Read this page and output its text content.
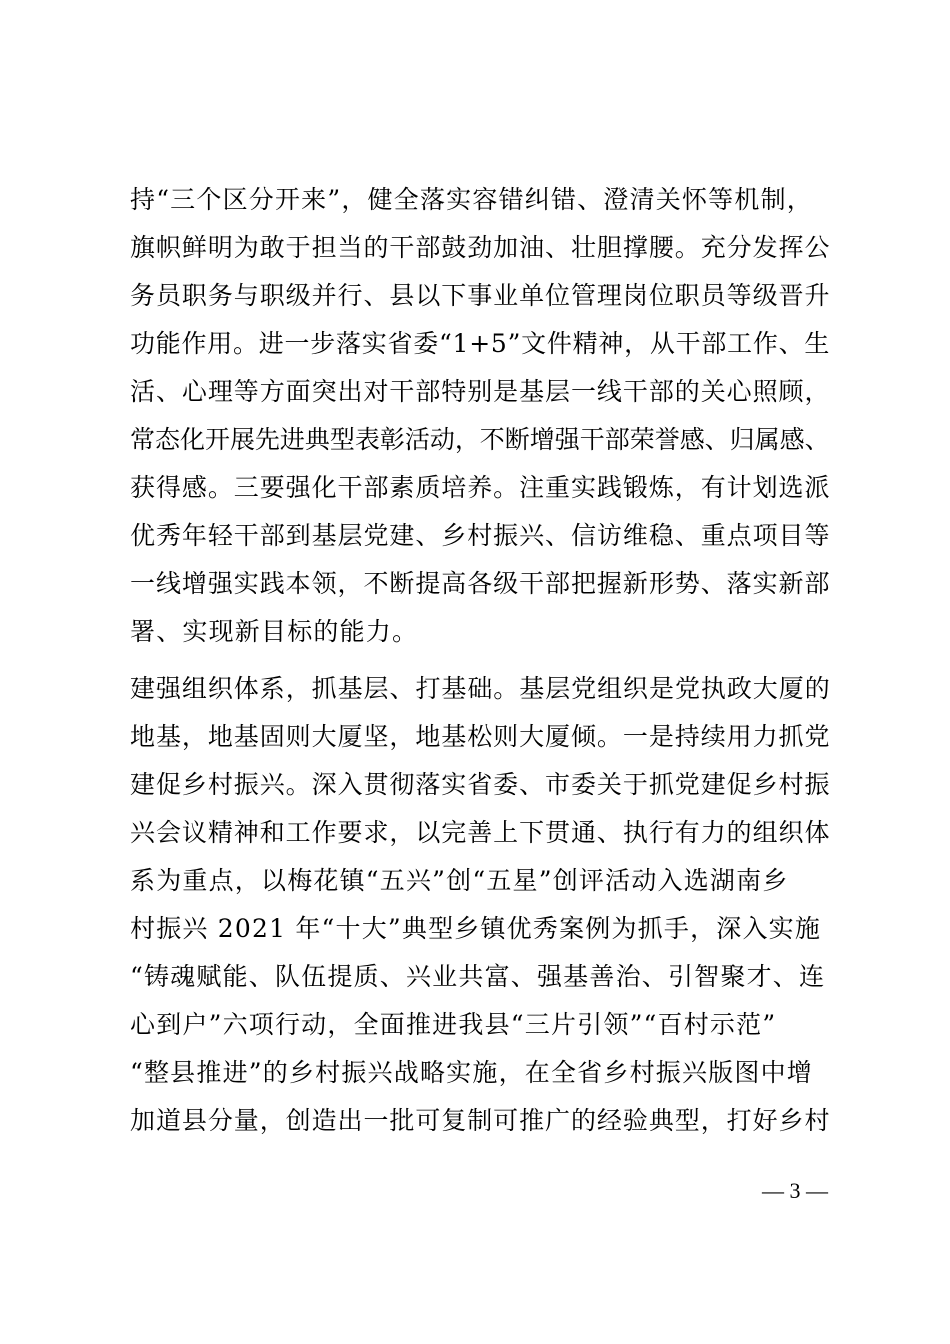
持“三个区分开来”，健全落实容错纠错、澄清关怀等机制，
旗帜鲜明为敢于担当的干部鼓劲加油、壮胆撑腰。充分发挥公
务员职务与职级并行、县以下事业单位管理岗位职员等级晋升
功能作用。进一步落实省委“1+5”文件精神，从干部工作、生
活、心理等方面突出对干部特别是基层一线干部的关心照顾，
常态化开展先进典型表彰活动，不断增强干部荣誉感、归属感、
获得感。三要强化干部素质培养。注重实践锻炼，有计划选派
优秀年轻干部到基层党建、乡村振兴、信访维稳、重点项目等
一线增强实践本领，不断提高各级干部把握新形势、落实新部
署、实现新目标的能力。
建强组织体系，抓基层、打基础。基层党组织是党执政大厦的
地基，地基固则大厦坚，地基松则大厦倾。一是持续用力抓党
建促乡村振兴。深入贯彻落实省委、市委关于抓党建促乡村振
兴会议精神和工作要求，以完善上下贯通、执行有力的组织体
系为重点，以梅花镇“五兴”创“五星”创评活动入选湖南乡
村振兴 2021 年“十大”典型乡镇优秀案例为抓手，深入实施
“铸魂赋能、队伍提质、兴业共富、强基善治、引智聚才、连
心到户”六项行动，全面推进我县“三片引领”“百村示范”
“整县推进”的乡村振兴战略实施，在全省乡村振兴版图中增
加道县分量，创造出一批可复制可推广的经验典型，打好乡村
— 3 —
